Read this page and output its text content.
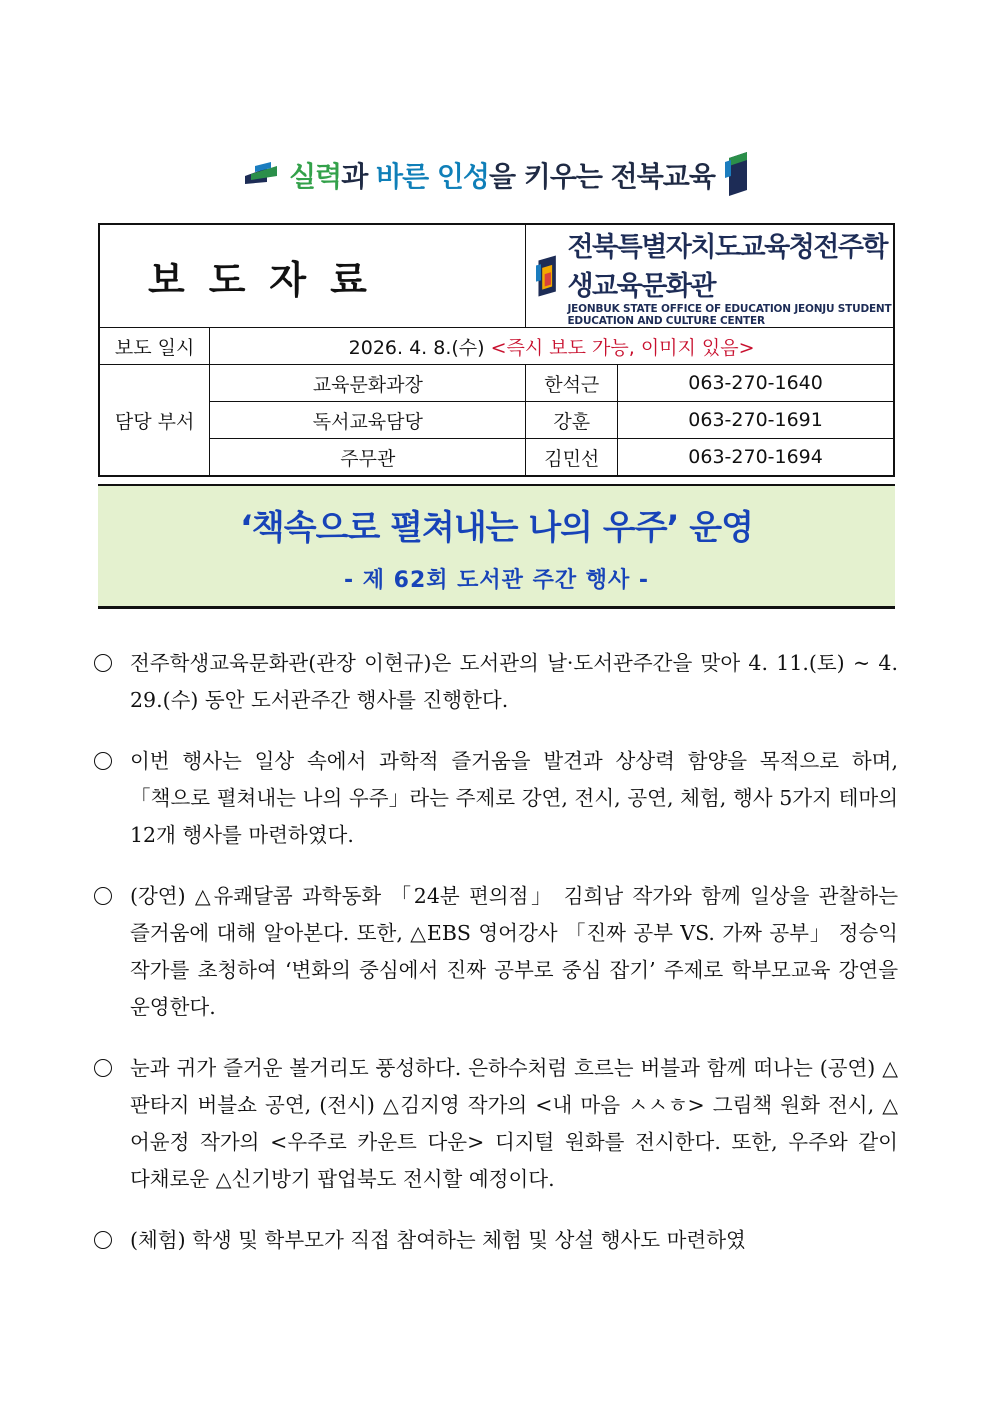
실력과 바른 인성을 키우는 전북교육
보도자료		전북특별자치도교육청전주학생교육문화관
JEONBUK STATE OFFICE OF EDUCATION JEONJU STUDENT EDUCATION AND CULTURE CENTER	

보도 일시	2026. 4. 8.(수) <즉시 보도 가능, 이미지 있음>		
담당 부서	교육문화과장	한석근	063-270-1640
	독서교육담당	강훈	063-270-1691
	주무관	김민선	063-270-1694
‘책속으로 펼쳐내는 나의 우주’ 운영
- 제 62회 도서관 주간 행사 -
전주학생교육문화관(관장 이현규)은 도서관의 날·도서관주간을 맞아 4. 11.(토) ~ 4. 29.(수) 동안 도서관주간 행사를 진행한다.
이번 행사는 일상 속에서 과학적 즐거움을 발견과 상상력 함양을 목적으로 하며,「책으로 펼쳐내는 나의 우주」라는 주제로 강연, 전시, 공연, 체험, 행사 5가지 테마의 12개 행사를 마련하였다.
(강연) △유쾌달콤 과학동화 「24분 편의점」 김희남 작가와 함께 일상을 관찰하는 즐거움에 대해 알아본다. 또한, △EBS 영어강사 「진짜 공부 VS. 가짜 공부」 정승익 작가를 초청하여 ‘변화의 중심에서 진짜 공부로 중심 잡기’ 주제로 학부모교육 강연을 운영한다.
눈과 귀가 즐거운 볼거리도 풍성하다. 은하수처럼 흐르는 버블과 함께 떠나는 (공연) △판타지 버블쇼 공연, (전시) △김지영 작가의 <내 마음 ㅅㅅㅎ> 그림책 원화 전시, △어윤정 작가의 <우주로 카운트 다운> 디지털 원화를 전시한다. 또한, 우주와 같이 다채로운 △신기방기 팝업북도 전시할 예정이다.
(체험) 학생 및 학부모가 직접 참여하는 체험 및 상설 행사도 마련하였
